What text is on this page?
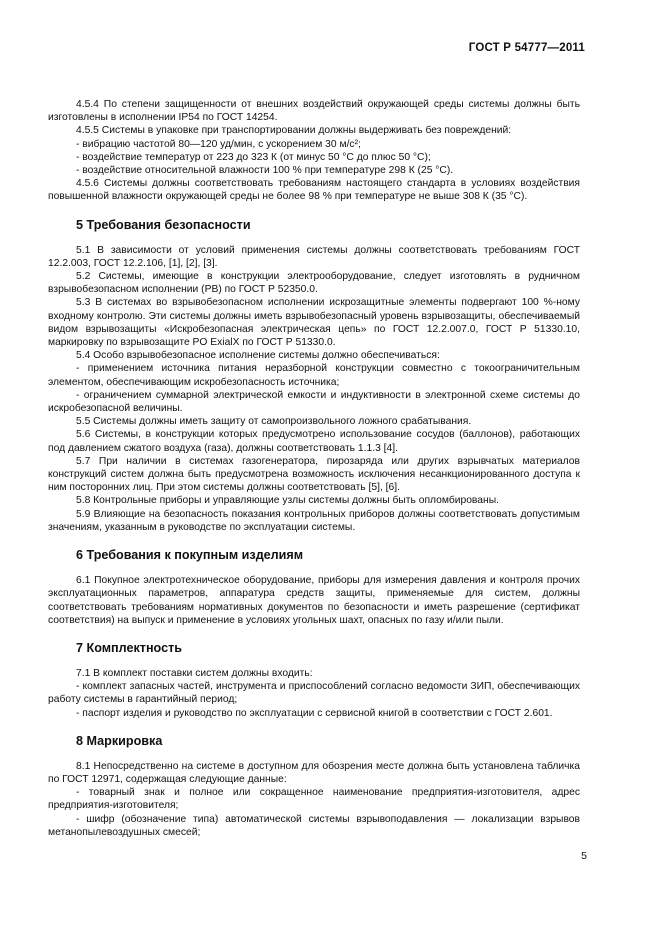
ГОСТ Р 54777—2011

4.5.4 По степени защищенности от внешних воздействий окружающей среды системы должны быть изготовлены в исполнении IP54 по ГОСТ 14254.

4.5.5 Системы в упаковке при транспортировании должны выдерживать без повреждений:

- вибрацию частотой 80—120 уд/мин, с ускорением 30 м/с²;

- воздействие температур от 223 до 323 К (от минус 50 °С до плюс 50 °С);

- воздействие относительной влажности 100 % при температуре 298 К (25 °С).

4.5.6 Системы должны соответствовать требованиям настоящего стандарта в условиях воздействия повышенной влажности окружающей среды не более 98 % при температуре не выше 308 К (35 °С).

5 Требования безопасности

5.1 В зависимости от условий применения системы должны соответствовать требованиям ГОСТ 12.2.003, ГОСТ 12.2.106, [1], [2], [3].

5.2 Системы, имеющие в конструкции электрооборудование, следует изготовлять в рудничном взрывобезопасном исполнении (PB) по ГОСТ Р 52350.0.

5.3 В системах во взрывобезопасном исполнении искрозащитные элементы подвергают 100 %-ному входному контролю. Эти системы должны иметь взрывобезопасный уровень взрывозащиты, обеспечиваемый видом взрывозащиты «Искробезопасная электрическая цепь» по ГОСТ 12.2.007.0, ГОСТ Р 51330.10, маркировку по взрывозащите PO ExialX по ГОСТ Р 51330.0.

5.4 Особо взрывобезопасное исполнение системы должно обеспечиваться:

- применением источника питания неразборной конструкции совместно с токоограничительным элементом, обеспечивающим искробезопасность источника;

- ограничением суммарной электрической емкости и индуктивности в электронной схеме системы до искробезопасной величины.

5.5 Системы должны иметь защиту от самопроизвольного ложного срабатывания.

5.6 Системы, в конструкции которых предусмотрено использование сосудов (баллонов), работающих под давлением сжатого воздуха (газа), должны соответствовать 1.1.3 [4].

5.7 При наличии в системах газогенератора, пирозаряда или других взрывчатых материалов конструкций систем должна быть предусмотрена возможность исключения несанкционированного доступа к ним посторонних лиц. При этом системы должны соответствовать [5], [6].

5.8 Контрольные приборы и управляющие узлы системы должны быть опломбированы.

5.9 Влияющие на безопасность показания контрольных приборов должны соответствовать допустимым значениям, указанным в руководстве по эксплуатации системы.

6 Требования к покупным изделиям

6.1 Покупное электротехническое оборудование, приборы для измерения давления и контроля прочих эксплуатационных параметров, аппаратура средств защиты, применяемые для систем, должны соответствовать требованиям нормативных документов по безопасности и иметь разрешение (сертификат соответствия) на выпуск и применение в условиях угольных шахт, опасных по газу и/или пыли.

7 Комплектность

7.1 В комплект поставки систем должны входить:

- комплект запасных частей, инструмента и приспособлений согласно ведомости ЗИП, обеспечивающих работу системы в гарантийный период;

- паспорт изделия и руководство по эксплуатации с сервисной книгой в соответствии с ГОСТ 2.601.

8 Маркировка

8.1 Непосредственно на системе в доступном для обозрения месте должна быть установлена табличка по ГОСТ 12971, содержащая следующие данные:

- товарный знак и полное или сокращенное наименование предприятия-изготовителя, адрес предприятия-изготовителя;

- шифр (обозначение типа) автоматической системы взрывоподавления — локализации взрывов метанопылевоздушных смесей;

5
